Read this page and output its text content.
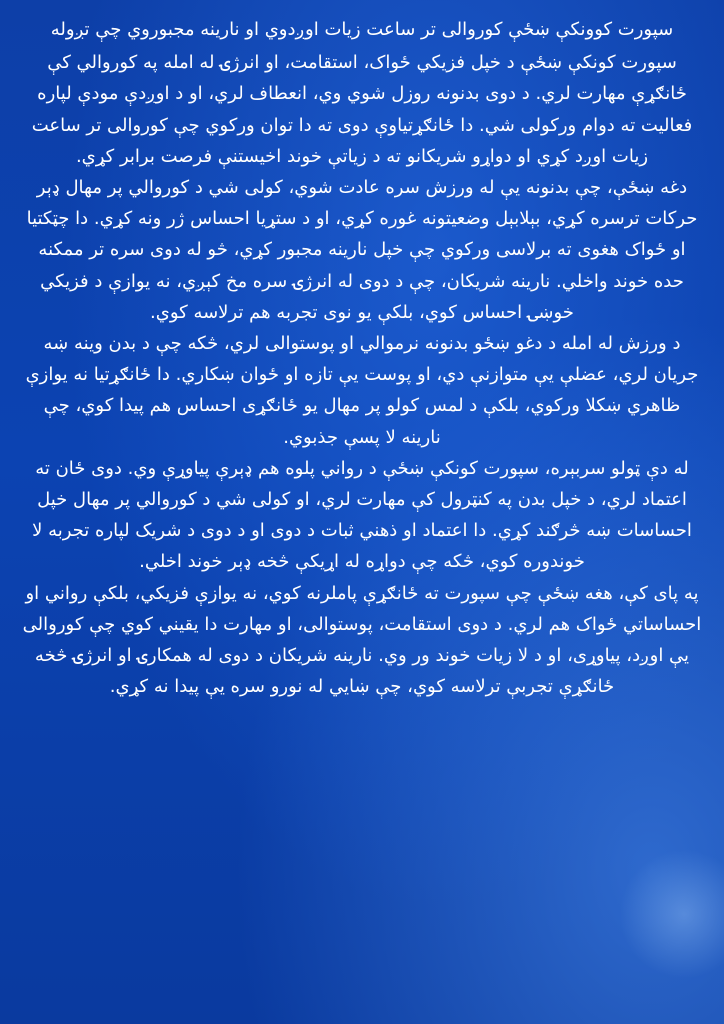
سپورت کوونکې ښځې کوروالی تر ساعت زیات اوږدوي او نارینه مجبوروي چې تږوله

سپورت کونکې ښځې د خپل فزیکي ځواک، استقامت، او انرژۍ له امله په کوروالي کې ځانګړې مهارت لري. د دوی بدنونه روزل شوي وي، انعطاف لري، او د اوږدې مودې لپاره فعالیت ته دوام ورکولی شي. دا ځانګړتیاوې دوی ته دا توان ورکوي چې کوروالی تر ساعت زیات اوږد کړي او دواړو شریکانو ته د زیاتې خوند اخیستنې فرصت برابر کړي.

دغه ښځې، چې بدنونه یې له ورزش سره عادت شوي، کولی شي د کوروالي پر مهال ډېر حرکات ترسره کړي، بېلابېل وضعیتونه غوره کړي، او د ستړیا احساس ژر ونه کړي. دا چټکتیا او ځواک هغوی ته برلاسی ورکوي چې خپل نارینه مجبور کړي، څو له دوی سره تر ممکنه حده خوند واخلي. نارینه شریکان، چې د دوی له انرژۍ سره مخ کېږي، نه یوازې د فزیکي خوښۍ احساس کوي، بلکې یو نوی تجربه هم ترلاسه کوي.

د ورزش له امله د دغو ښځو بدنونه نرموالي او پوستوالی لري، څکه چې د بدن وینه ښه جریان لري، عضلې یې متوازنې دي، او پوست یې تازه او ځوان ښکاري. دا ځانګړتیا نه یوازې ظاهري ښکلا ورکوي، بلکې د لمس کولو پر مهال یو ځانګړی احساس هم پیدا کوي، چې نارینه لا پسې جذبوي.

له دې ټولو سربېره، سپورت کونکې ښځې د رواني پلوه هم ډېرې پیاوړې وي. دوی ځان ته اعتماد لري، د خپل بدن په کنټرول کې مهارت لري، او کولی شي د کوروالي پر مهال خپل احساسات ښه څرګند کړي. دا اعتماد او ذهني ثبات د دوی او د دوی د شریک لپاره تجربه لا خوندوره کوي، څکه چې دواړه له اړیکې څخه ډېر خوند اخلي.

په پای کې، هغه ښځې چې سپورت ته ځانګړې پاملرنه کوي، نه یوازې فزیکي، بلکې رواني او احساساتي ځواک هم لري. د دوی استقامت، پوستوالی، او مهارت دا یقیني کوي چې کوروالی یې اوږد، پیاوړی، او د لا زیات خوند ور وي. نارینه شریکان د دوی له همکارۍ او انرژۍ څخه ځانګړې تجربې ترلاسه کوي، چې ښایي له نورو سره یې پیدا نه کړي.
